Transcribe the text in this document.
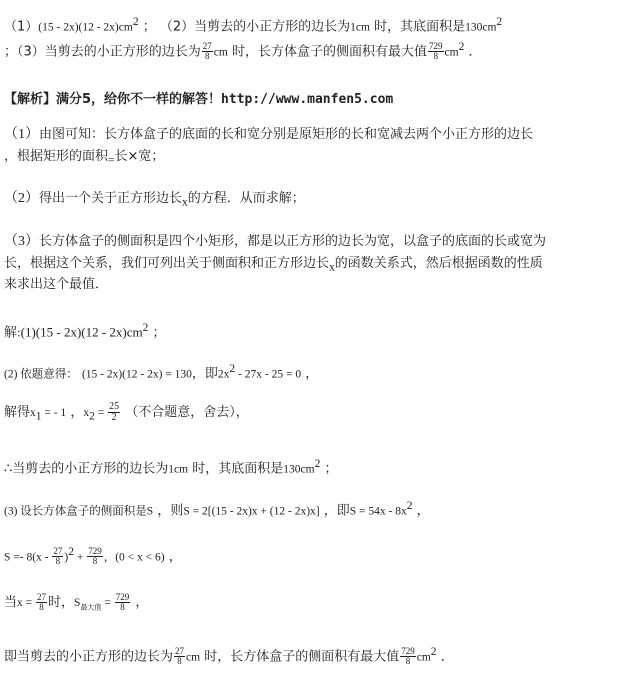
$(1)(15 - 2x)(12 - 2x)cm^2$ ； （2）当剪去的小正方形的边长为1cm 时，其底面积是$130cm^2$
；（3）当剪去的小正方形的边长为 $\frac{27}{8}$ cm 时，长方体盒子的侧面积有最大值 $\frac{729}{8} cm^2$ ．
【解析】满分5，给你不一样的解答！http://www.manfen5.com
（1）由图可知：长方体盒子的底面的长和宽分别是原矩形的长和宽减去两个小正方形的边长
，根据矩形的面积=长×宽；
（2）得出一个关于正方形边长x的方程．从而求解；
（3）长方体盒子的侧面积是四个小矩形，都是以正方形的边长为宽，以盒子的底面的长或宽为
长，根据这个关系，我们可列出关于侧面积和正方形边长x的函数关系式，然后根据函数的性质
来求出这个最值．
解:(1)(15 - $2x)(12 - 2x)cm^2$ ；
(2) 依题意得： (15 - 2x)(12 - 2x) = 130，即$2x^2 - 27x - 25 = 0$ ，
解得$x_1$ = - 1 ，$x_2 = \frac{25}{2}$ （不合题意，舍去），
∴当剪去的小正方形的边长为1cm 时，其底面积是$130cm^2$ ；
(3) 设长方体盒子的侧面积是S ，则S = 2[(15 - 2x)x + (12 - 2x)x] ，即$S = 54x - 8x^2$ ，
$S =- 8(x - \frac{27}{8} )^2 + \frac{729}{8}$ ，(0 < x < 6) ，
当$x = \frac{27}{8}$ 时，$S_{最大值} = \frac{729}{8}$ ，
即当剪去的小正方形的边长为 $\frac{27}{8}$ cm 时，长方体盒子的侧面积有最大值 $\frac{729}{8} cm^2$ ．
